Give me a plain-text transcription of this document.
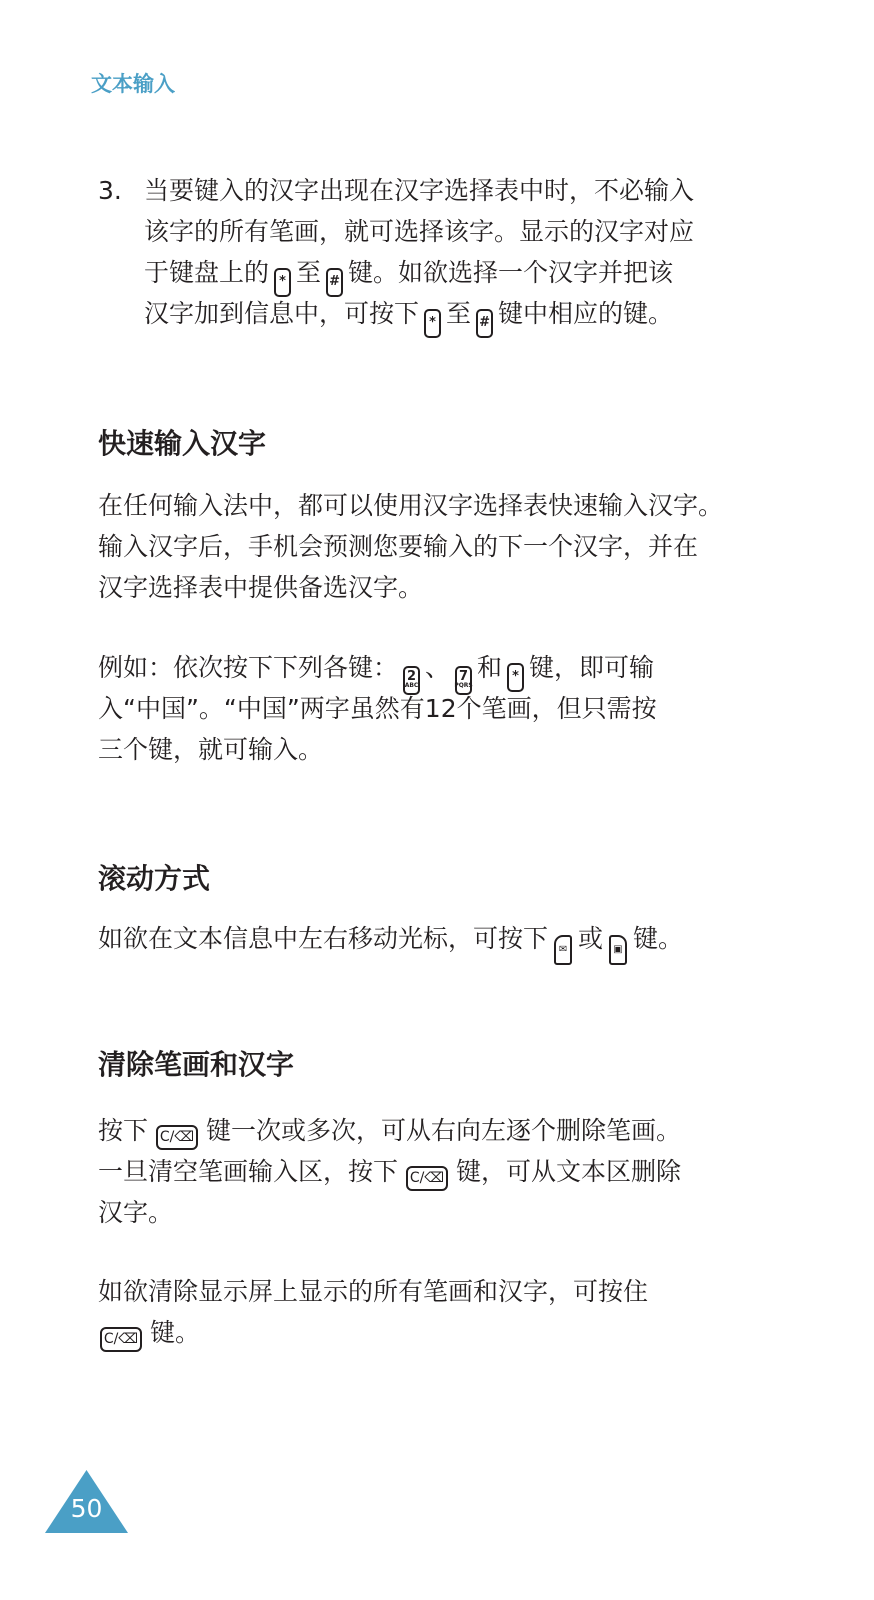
文本输入
3. 当要键入的汉字出现在汉字选择表中时，不必输入
该字的所有笔画，就可选择该字。显示的汉字对应
于键盘上的 * 至 # 键。如欲选择一个汉字并把该
汉字加到信息中，可按下 * 至 # 键中相应的键。
快速输入汉字
在任何输入法中，都可以使用汉字选择表快速输入汉字。
输入汉字后，手机会预测您要输入的下一个汉字，并在
汉字选择表中提供备选汉字。
例如：依次按下下列各键： 2
ABC
、 7
PQRS
和 * 键，即可输
入“中国”。“中国”两字虽然有12个笔画，但只需按
三个键，就可输入。
滚动方式
如欲在文本信息中左右移动光标，可按下 ✉ 或 ▣ 键。
清除笔画和汉字
按下 C/⌫ 键一次或多次，可从右向左逐个删除笔画。
一旦清空笔画输入区，按下 C/⌫ 键，可从文本区删除
汉字。
如欲清除显示屏上显示的所有笔画和汉字，可按住
C/⌫ 键。
50
